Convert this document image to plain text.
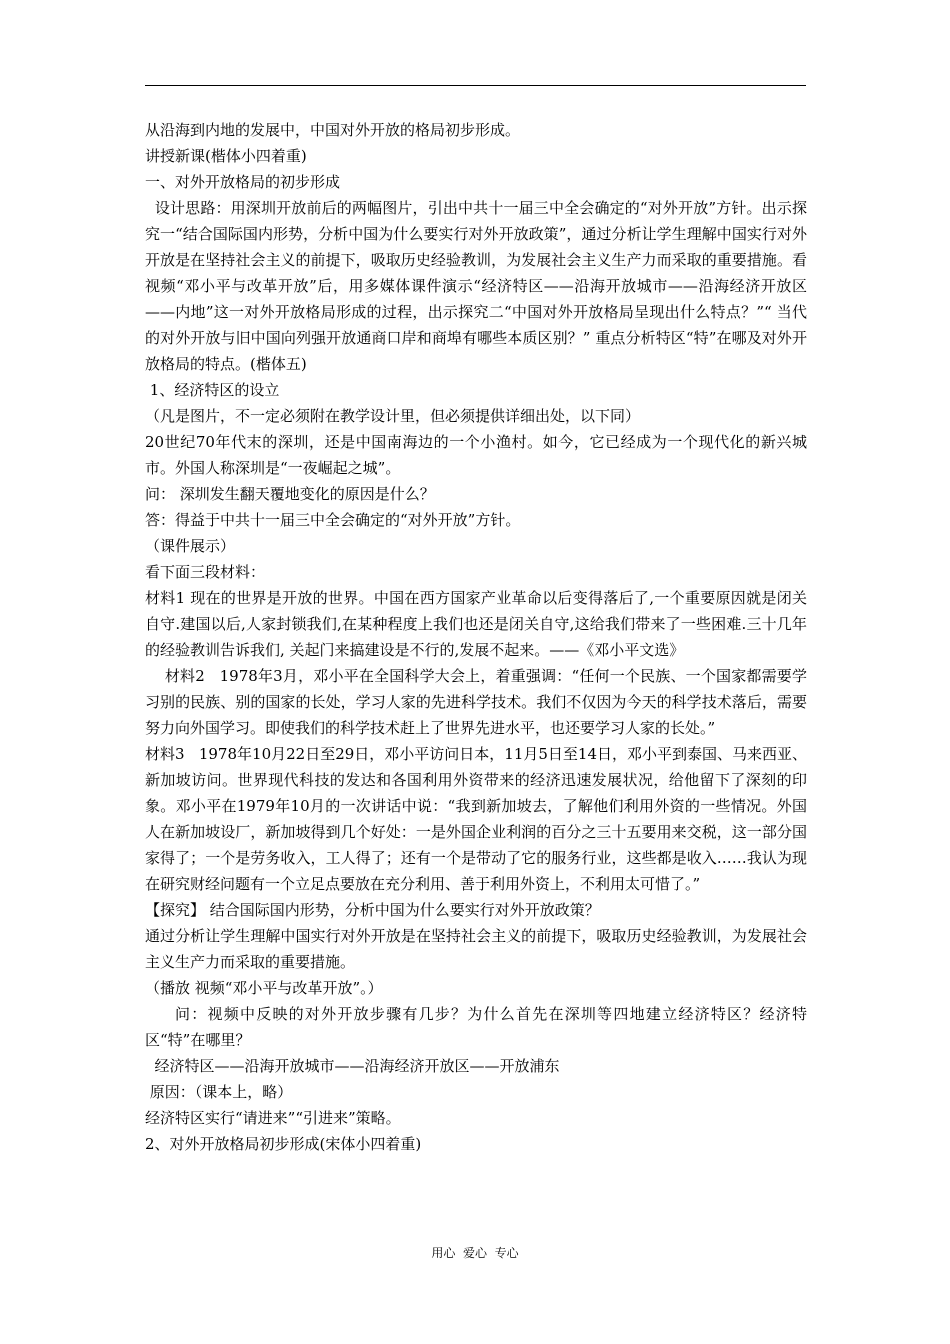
从沿海到内地的发展中，中国对外开放的格局初步形成。

讲授新课(楷体小四着重)

一、对外开放格局的初步形成

设计思路：用深圳开放前后的两幅图片，引出中共十一届三中全会确定的“对外开放”方针。出示探究一“结合国际国内形势，分析中国为什么要实行对外开放政策”，通过分析让学生理解中国实行对外开放是在坚持社会主义的前提下，吸取历史经验教训，为发展社会主义生产力而采取的重要措施。看视频“邓小平与改革开放”后，用多媒体课件演示“经济特区——沿海开放城市——沿海经济开放区——内地”这一对外开放格局形成的过程，出示探究二“中国对外开放格局呈现出什么特点？”“ 当代的对外开放与旧中国向列强开放通商口岸和商埠有哪些本质区别？” 重点分析特区“特”在哪及对外开放格局的特点。(楷体五)

1、经济特区的设立

（凡是图片，不一定必须附在教学设计里，但必须提供详细出处，以下同）

20世纪70年代末的深圳，还是中国南海边的一个小渔村。如今，它已经成为一个现代化的新兴城市。外国人称深圳是“一夜崛起之城”。

问： 深圳发生翻天覆地变化的原因是什么？

答：得益于中共十一届三中全会确定的“对外开放”方针。

（课件展示）

看下面三段材料：

材料1 现在的世界是开放的世界。中国在西方国家产业革命以后变得落后了,一个重要原因就是闭关自守.建国以后,人家封锁我们,在某种程度上我们也还是闭关自守,这给我们带来了一些困难.三十几年的经验教训告诉我们, 关起门来搞建设是不行的,发展不起来。——《邓小平文选》

材料2   1978年3月，邓小平在全国科学大会上，着重强调：“任何一个民族、一个国家都需要学习别的民族、别的国家的长处，学习人家的先进科学技术。我们不仅因为今天的科学技术落后，需要努力向外国学习。即使我们的科学技术赶上了世界先进水平，也还要学习人家的长处。”

材料3   1978年10月22日至29日，邓小平访问日本，11月5日至14日，邓小平到泰国、马来西亚、新加坡访问。世界现代科技的发达和各国利用外资带来的经济迅速发展状况，给他留下了深刻的印象。邓小平在1979年10月的一次讲话中说：“我到新加坡去，了解他们利用外资的一些情况。外国人在新加坡设厂，新加坡得到几个好处：一是外国企业利润的百分之三十五要用来交税，这一部分国家得了；一个是劳务收入，工人得了；还有一个是带动了它的服务行业，这些都是收入……我认为现在研究财经问题有一个立足点要放在充分利用、善于利用外资上，不利用太可惜了。”

【探究】 结合国际国内形势，分析中国为什么要实行对外开放政策？

通过分析让学生理解中国实行对外开放是在坚持社会主义的前提下，吸取历史经验教训，为发展社会主义生产力而采取的重要措施。

（播放 视频“邓小平与改革开放”。）

问：视频中反映的对外开放步骤有几步？为什么首先在深圳等四地建立经济特区？经济特区“特”在哪里？

经济特区——沿海开放城市——沿海经济开放区——开放浦东

原因：（课本上，略）

经济特区实行“请进来”“引进来”策略。

2、对外开放格局初步形成(宋体小四着重)

用心  爱心  专心
